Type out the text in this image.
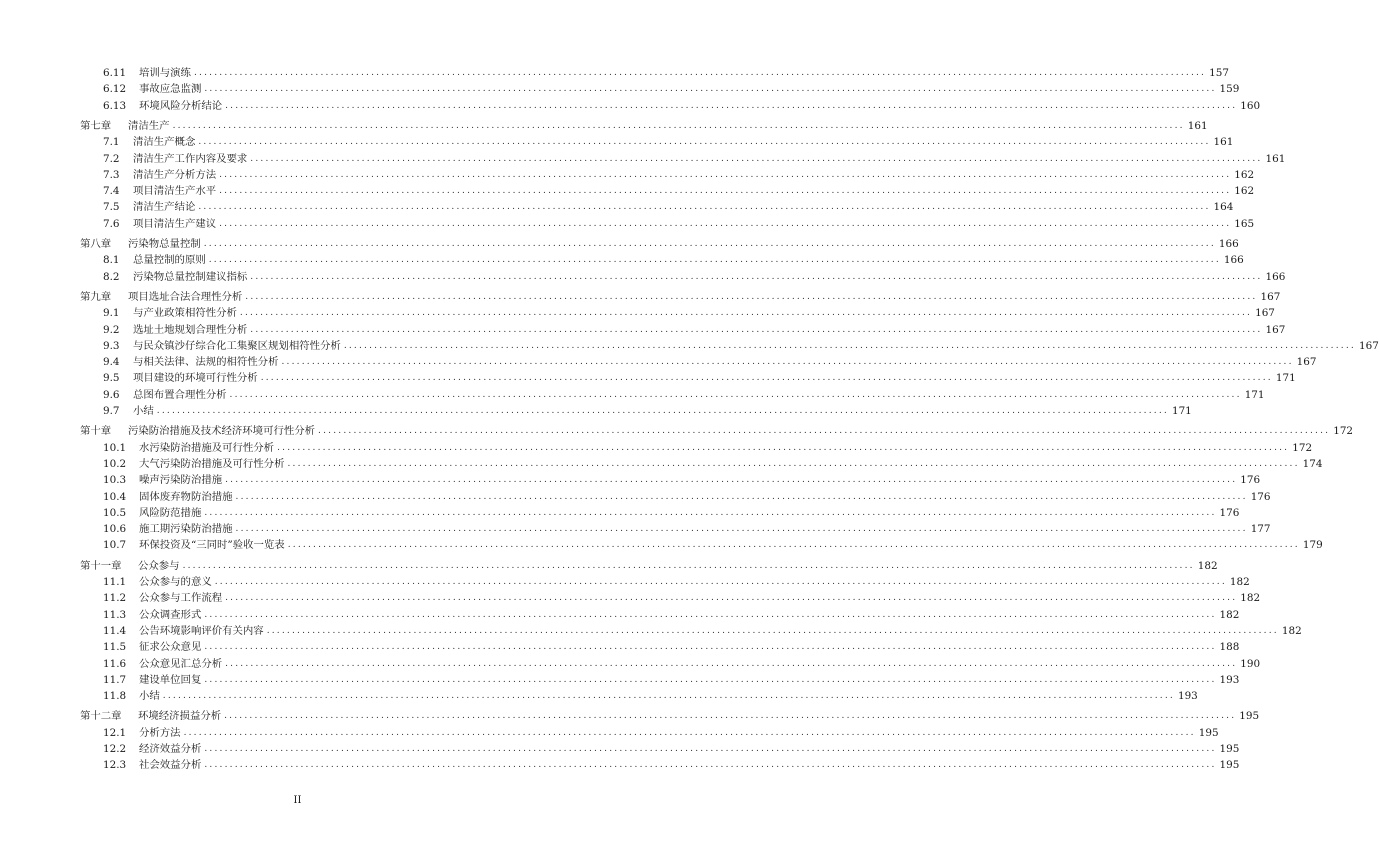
6.11	培训与演练 ........................................................................................................................................................................................................ 157
6.12	事故应急监测 ........................................................................................................................................................................................................ 159
6.13	环境风险分析结论 ........................................................................................................................................................................................................ 160
第七章	清洁生产 ........................................................................................................................................................................................................ 161
7.1	清洁生产概念 ........................................................................................................................................................................................................ 161
7.2	清洁生产工作内容及要求 ........................................................................................................................................................................................................ 161
7.3	清洁生产分析方法 ........................................................................................................................................................................................................ 162
7.4	项目清洁生产水平 ........................................................................................................................................................................................................ 162
7.5	清洁生产结论 ........................................................................................................................................................................................................ 164
7.6	项目清洁生产建议 ........................................................................................................................................................................................................ 165
第八章	污染物总量控制 ........................................................................................................................................................................................................ 166
8.1	总量控制的原则 ........................................................................................................................................................................................................ 166
8.2	污染物总量控制建议指标 ........................................................................................................................................................................................................ 166
第九章	项目选址合法合理性分析 ........................................................................................................................................................................................................ 167
9.1	与产业政策相符性分析 ........................................................................................................................................................................................................ 167
9.2	选址土地规划合理性分析 ........................................................................................................................................................................................................ 167
9.3	与民众镇沙仔综合化工集聚区规划相符性分析 ........................................................................................................................................................................................................ 167
9.4	与相关法律、法规的相符性分析 ........................................................................................................................................................................................................ 167
9.5	项目建设的环境可行性分析 ........................................................................................................................................................................................................ 171
9.6	总图布置合理性分析 ........................................................................................................................................................................................................ 171
9.7	小结 ........................................................................................................................................................................................................ 171
第十章	污染防治措施及技术经济环境可行性分析 ........................................................................................................................................................................................................ 172
10.1	水污染防治措施及可行性分析 ........................................................................................................................................................................................................ 172
10.2	大气污染防治措施及可行性分析 ........................................................................................................................................................................................................ 174
10.3	噪声污染防治措施 ........................................................................................................................................................................................................ 176
10.4	固体废弃物防治措施 ........................................................................................................................................................................................................ 176
10.5	风险防范措施 ........................................................................................................................................................................................................ 176
10.6	施工期污染防治措施 ........................................................................................................................................................................................................ 177
10.7	环保投资及“三同时”验收一览表 ........................................................................................................................................................................................................ 179
第十一章	公众参与 ........................................................................................................................................................................................................ 182
11.1	公众参与的意义 ........................................................................................................................................................................................................ 182
11.2	公众参与工作流程 ........................................................................................................................................................................................................ 182
11.3	公众调查形式 ........................................................................................................................................................................................................ 182
11.4	公告环境影响评价有关内容 ........................................................................................................................................................................................................ 182
11.5	征求公众意见 ........................................................................................................................................................................................................ 188
11.6	公众意见汇总分析 ........................................................................................................................................................................................................ 190
11.7	建设单位回复 ........................................................................................................................................................................................................ 193
11.8	小结 ........................................................................................................................................................................................................ 193
第十二章	环境经济损益分析 ........................................................................................................................................................................................................ 195
12.1	分析方法 ........................................................................................................................................................................................................ 195
12.2	经济效益分析 ........................................................................................................................................................................................................ 195
12.3	社会效益分析 ........................................................................................................................................................................................................ 195
II
